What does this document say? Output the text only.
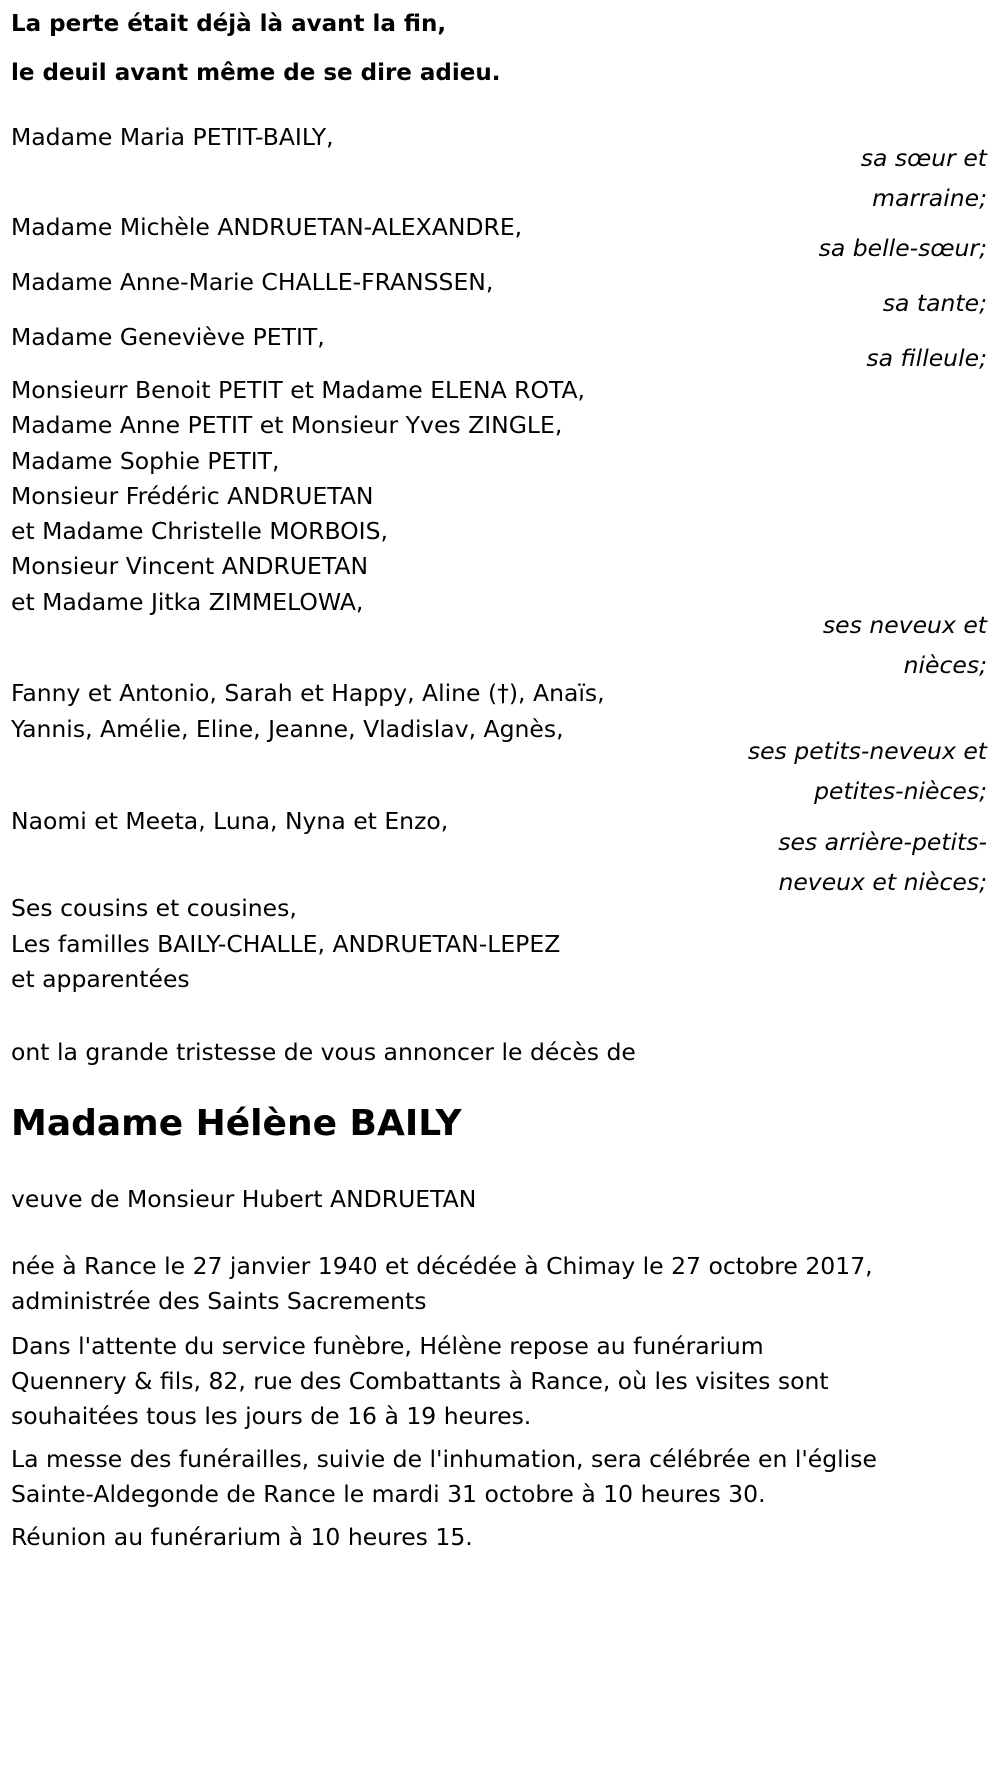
La perte était déjà là avant la fin,
le deuil avant même de se dire adieu.
Madame Maria PETIT-BAILY,
sa sœur et
marraine;
Madame Michèle ANDRUETAN-ALEXANDRE,
sa belle-sœur;
Madame Anne-Marie CHALLE-FRANSSEN,
sa tante;
Madame Geneviève PETIT,
sa filleule;
Monsieurr Benoit PETIT et Madame ELENA ROTA,
Madame Anne PETIT et Monsieur Yves ZINGLE,
Madame Sophie PETIT,
Monsieur Frédéric ANDRUETAN
et Madame Christelle MORBOIS,
Monsieur Vincent ANDRUETAN
et Madame Jitka ZIMMELOWA,
ses neveux et
nièces;
Fanny et Antonio, Sarah et Happy, Aline (†), Anaïs,
Yannis, Amélie, Eline, Jeanne, Vladislav, Agnès,
ses petits-neveux et
petites-nièces;
Naomi et Meeta, Luna, Nyna et Enzo,
ses arrière-petits-
neveux et nièces;
Ses cousins et cousines,
Les familles BAILY-CHALLE, ANDRUETAN-LEPEZ
et apparentées
ont la grande tristesse de vous annoncer le décès de
Madame Hélène BAILY
veuve de Monsieur Hubert ANDRUETAN
née à Rance le 27 janvier 1940 et décédée à Chimay le 27 octobre 2017,
administrée des Saints Sacrements
Dans l'attente du service funèbre, Hélène repose au funérarium
Quennery & fils, 82, rue des Combattants à Rance, où les visites sont
souhaitées tous les jours de 16 à 19 heures.
La messe des funérailles, suivie de l'inhumation, sera célébrée en l'église
Sainte-Aldegonde de Rance le mardi 31 octobre à 10 heures 30.
Réunion au funérarium à 10 heures 15.
